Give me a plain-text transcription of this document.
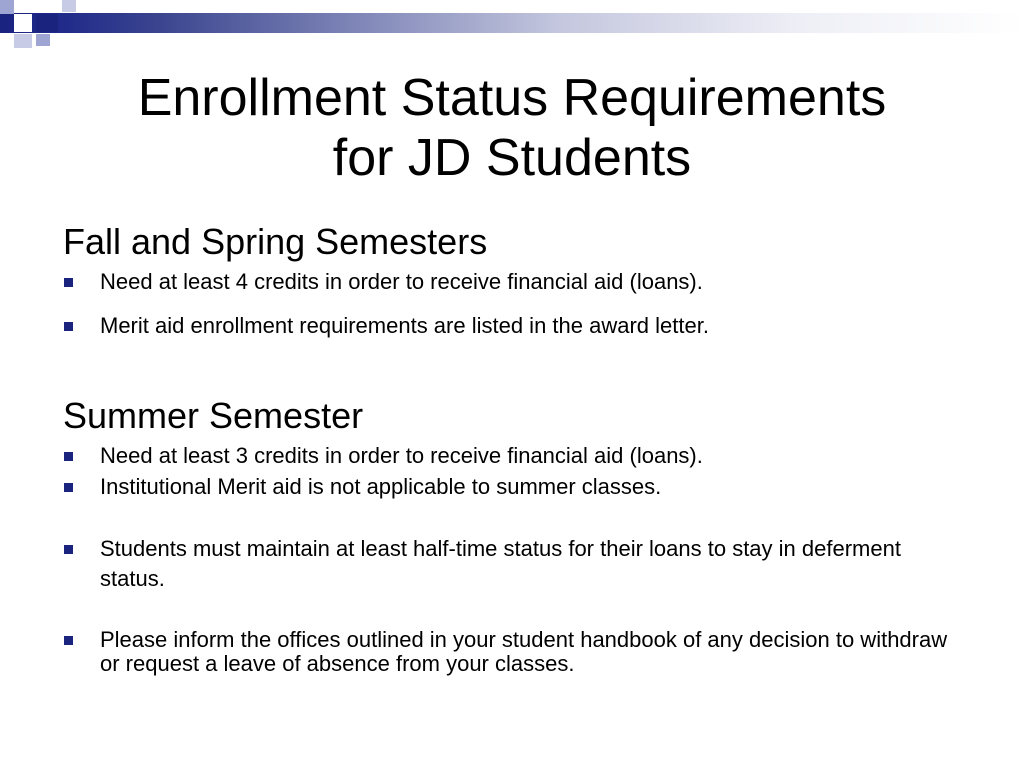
Enrollment Status Requirements
for JD Students
Fall and Spring Semesters
Need at least 4 credits in order to receive financial aid (loans).
Merit aid enrollment requirements are listed in the award letter.
Summer Semester
Need at least 3 credits in order to receive financial aid (loans).
Institutional Merit aid is not applicable to summer classes.
Students must maintain at least half-time status for their loans to stay in deferment status.
Please inform the offices outlined in your student handbook of any decision to withdraw or request a leave of absence from your classes.
